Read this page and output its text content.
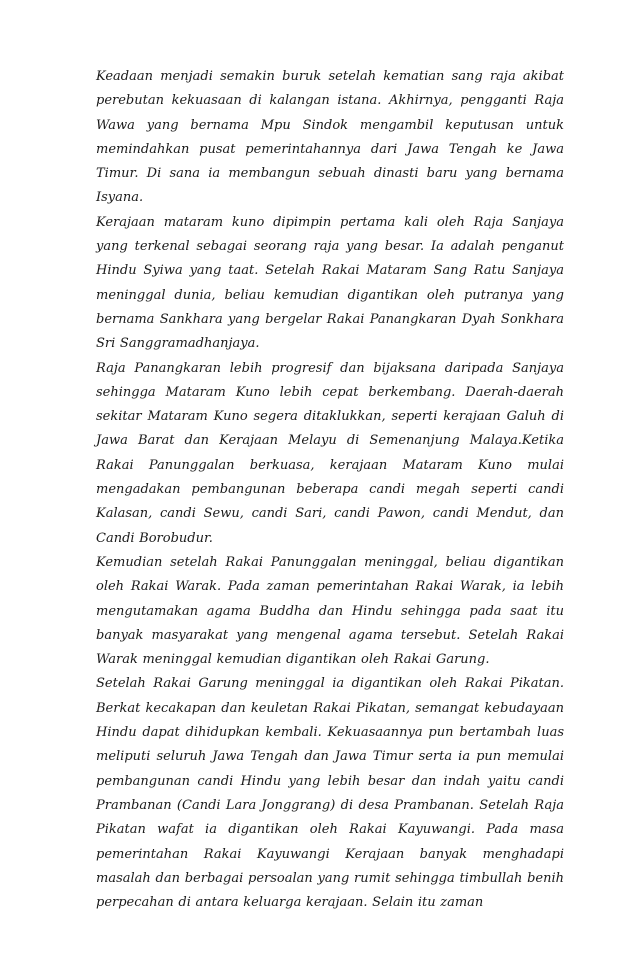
Keadaan menjadi semakin buruk setelah kematian sang raja akibat perebutan kekuasaan di kalangan istana. Akhirnya, pengganti Raja Wawa yang bernama Mpu Sindok mengambil keputusan untuk memindahkan pusat pemerintahannya dari Jawa Tengah ke Jawa Timur. Di sana ia membangun sebuah dinasti baru yang bernama Isyana.

Kerajaan mataram kuno dipimpin pertama kali oleh Raja Sanjaya yang terkenal sebagai seorang raja yang besar. Ia adalah penganut Hindu Syiwa yang taat. Setelah Rakai Mataram Sang Ratu Sanjaya meninggal dunia, beliau kemudian digantikan oleh putranya yang bernama Sankhara yang bergelar Rakai Panangkaran Dyah Sonkhara Sri Sanggramadhanjaya.

Raja Panangkaran lebih progresif dan bijaksana daripada Sanjaya sehingga Mataram Kuno lebih cepat berkembang. Daerah-daerah sekitar Mataram Kuno segera ditaklukkan, seperti kerajaan Galuh di Jawa Barat dan Kerajaan Melayu di Semenanjung Malaya.Ketika Rakai Panunggalan berkuasa, kerajaan Mataram Kuno mulai mengadakan pembangunan beberapa candi megah seperti candi Kalasan, candi Sewu, candi Sari, candi Pawon, candi Mendut, dan Candi Borobudur.

Kemudian setelah Rakai Panunggalan meninggal, beliau digantikan oleh Rakai Warak. Pada zaman pemerintahan Rakai Warak, ia lebih mengutamakan agama Buddha dan Hindu sehingga pada saat itu banyak masyarakat yang mengenal agama tersebut. Setelah Rakai Warak meninggal kemudian digantikan oleh Rakai Garung.

Setelah Rakai Garung meninggal ia digantikan oleh Rakai Pikatan. Berkat kecakapan dan keuletan Rakai Pikatan, semangat kebudayaan Hindu dapat dihidupkan kembali. Kekuasaannya pun bertambah luas meliputi seluruh Jawa Tengah dan Jawa Timur serta ia pun memulai pembangunan candi Hindu yang lebih besar dan indah yaitu candi Prambanan (Candi Lara Jonggrang) di desa Prambanan. Setelah Raja Pikatan wafat ia digantikan oleh Rakai Kayuwangi. Pada masa pemerintahan Rakai Kayuwangi Kerajaan banyak menghadapi masalah dan berbagai persoalan yang rumit sehingga timbullah benih perpecahan di antara keluarga kerajaan. Selain itu zaman
